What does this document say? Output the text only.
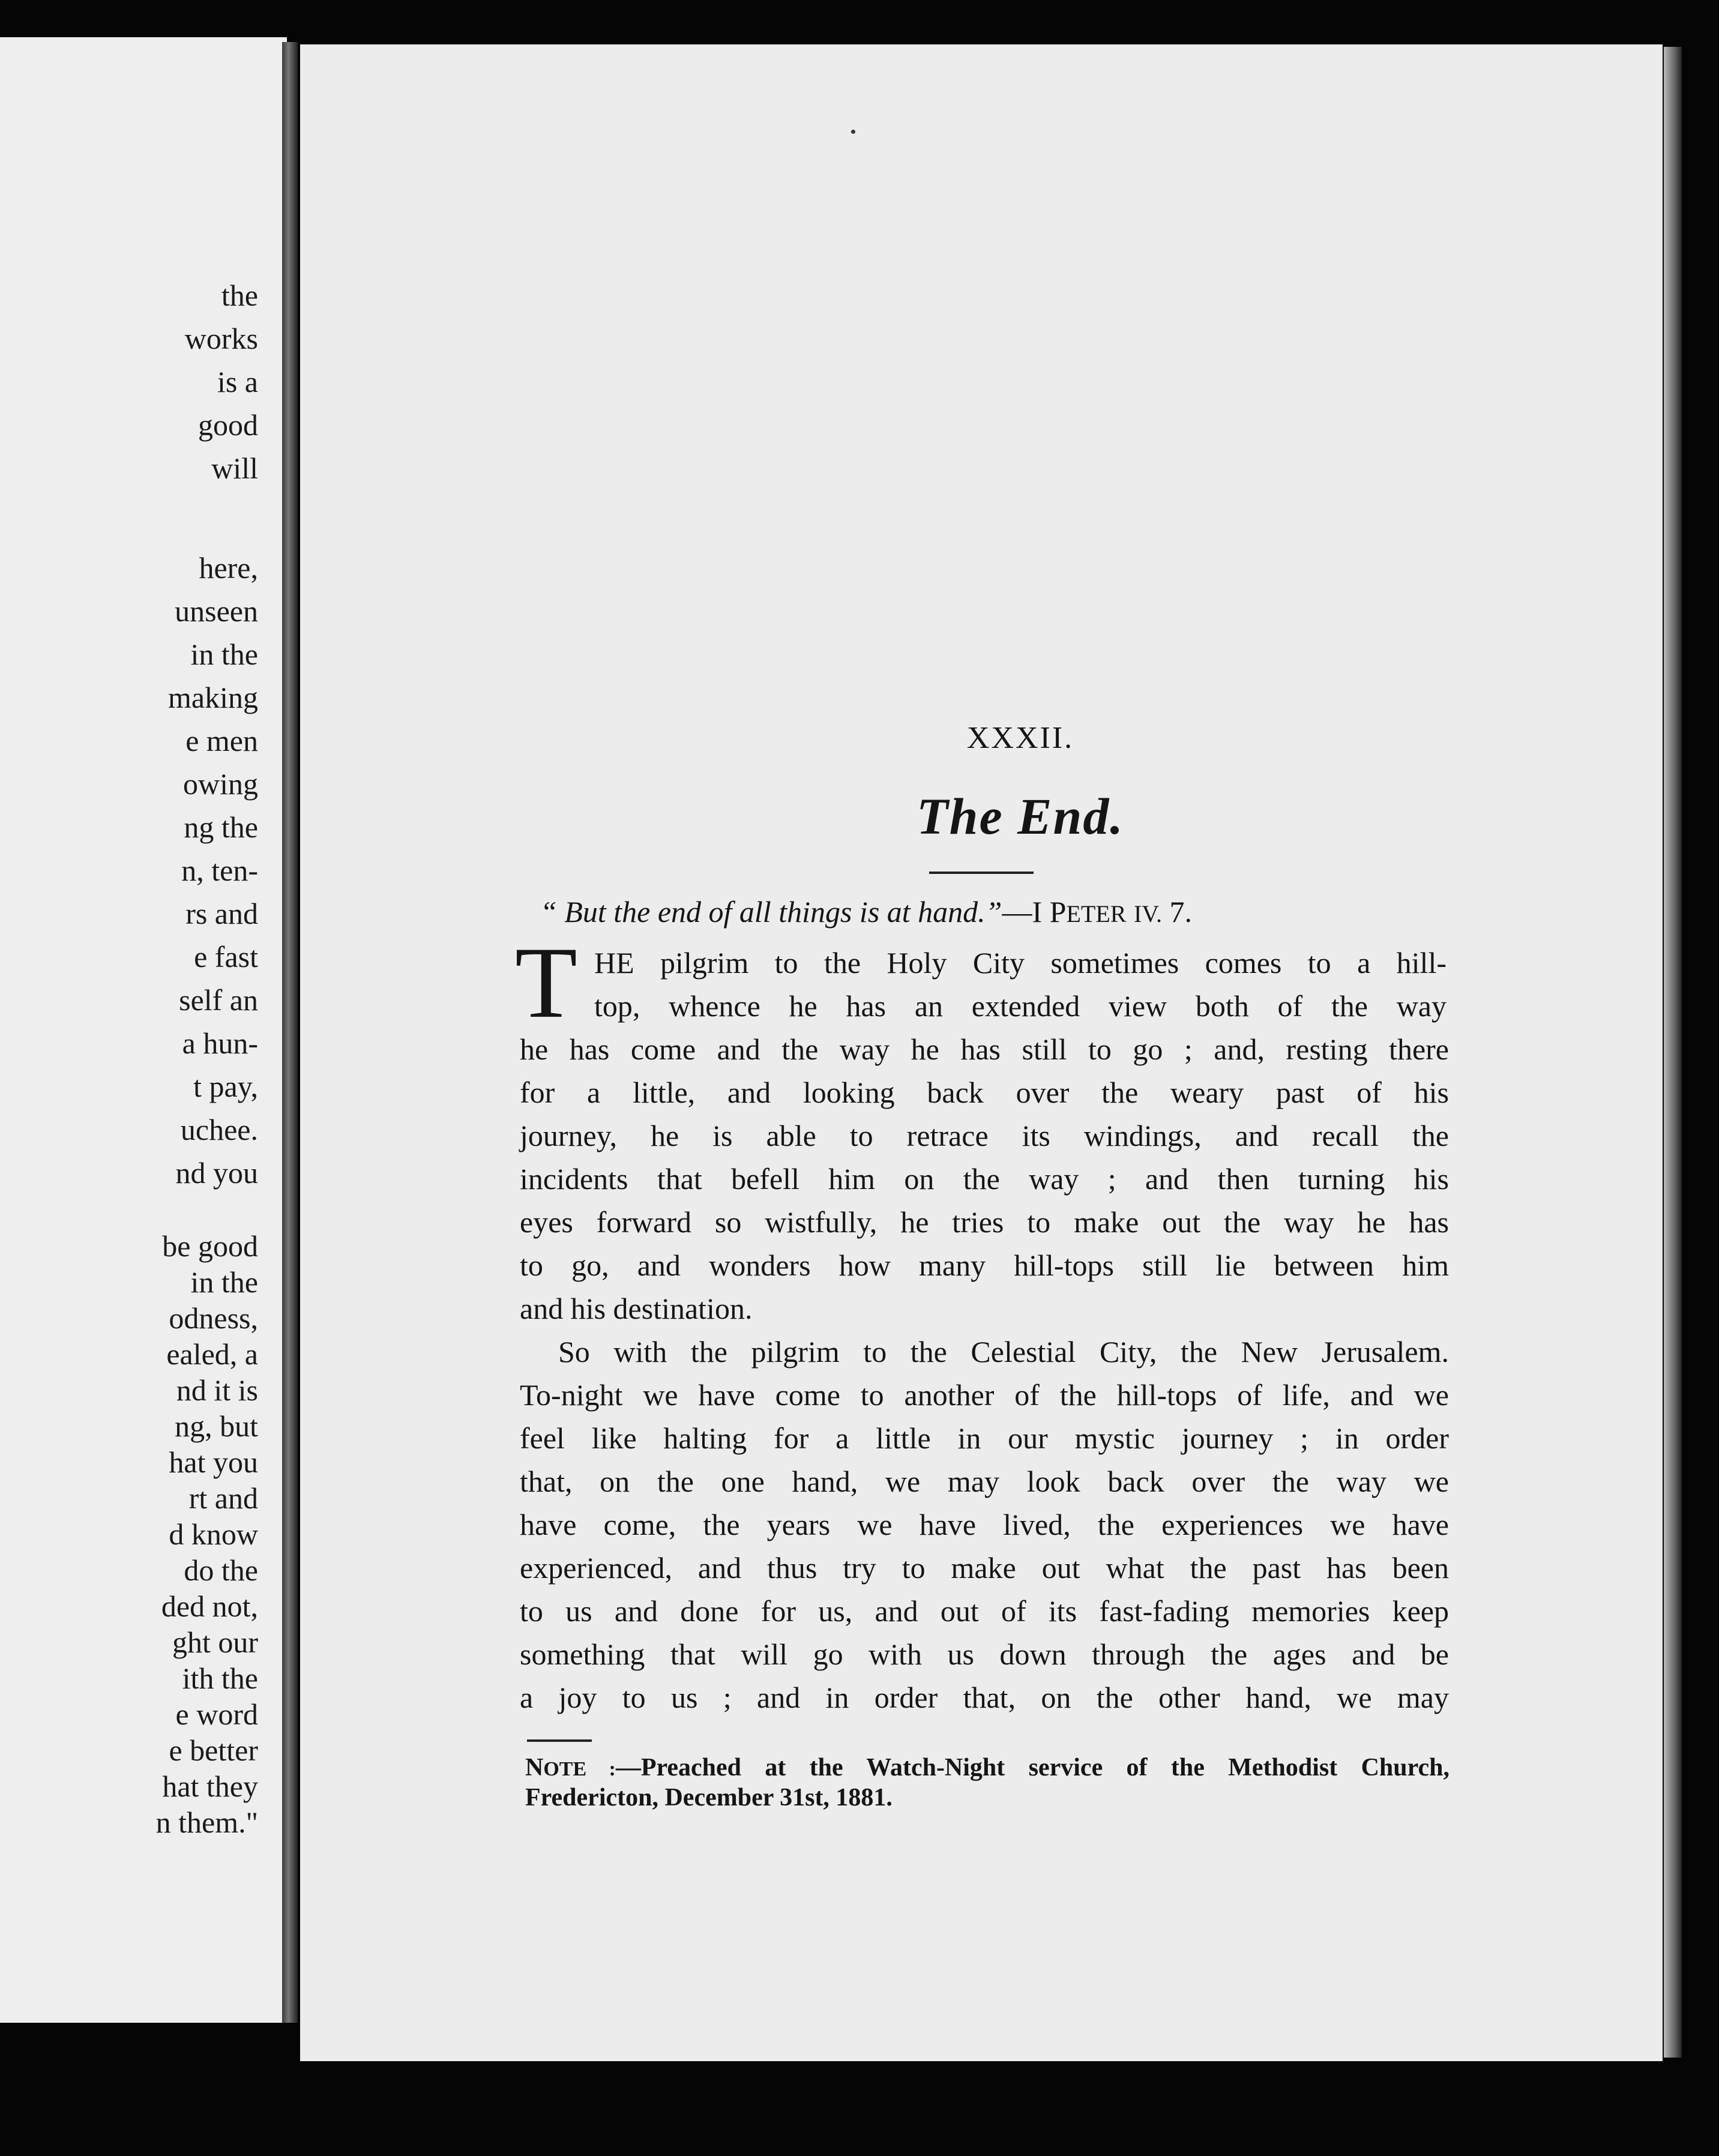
the
works
is a
good
will
here,
unseen
in the
making
e men
owing
ng the
n, ten-
rs and
e fast
self an
a hun-
t pay,
uchee.
nd you
be good
in the
odness,
ealed, a
nd it is
ng, but
hat you
rt and
d know
do the
ded not,
ght our
ith the
e word
e better
hat they
n them."
XXXII.
The End.
“ But the end of all things is at hand.”—I PETER IV. 7.
T HE pilgrim to the Holy City sometimes comes to a hill-
top, whence he has an extended view both of the way
he has come and the way he has still to go ; and, resting there
for a little, and looking back over the weary past of his
journey, he is able to retrace its windings, and recall the
incidents that befell him on the way ; and then turning his
eyes forward so wistfully, he tries to make out the way he has
to go, and wonders how many hill-tops still lie between him
and his destination.
So with the pilgrim to the Celestial City, the New Jerusalem.
To-night we have come to another of the hill-tops of life, and we
feel like halting for a little in our mystic journey ; in order
that, on the one hand, we may look back over the way we
have come, the years we have lived, the experiences we have
experienced, and thus try to make out what the past has been
to us and done for us, and out of its fast-fading memories keep
something that will go with us down through the ages and be
a joy to us ; and in order that, on the other hand, we may
NOTE :—Preached at the Watch-Night service of the Methodist Church,
Fredericton, December 31st, 1881.
